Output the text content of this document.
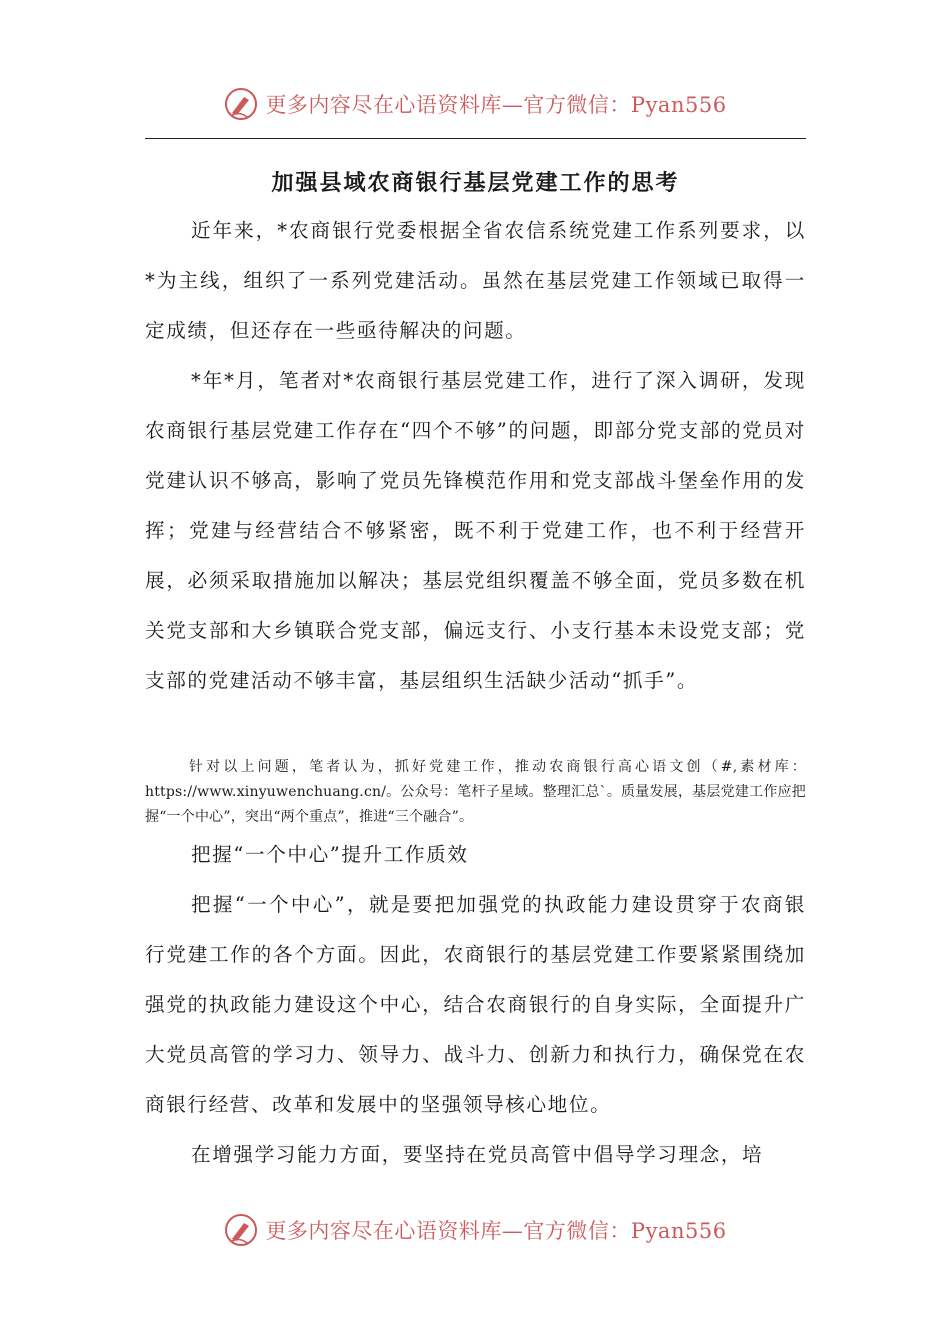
更多内容尽在心语资料库—官方微信：Pyan556
加强县域农商银行基层党建工作的思考

近年来，*农商银行党委根据全省农信系统党建工作系列要求，以*为主线，组织了一系列党建活动。虽然在基层党建工作领域已取得一定成绩，但还存在一些亟待解决的问题。

*年*月，笔者对*农商银行基层党建工作，进行了深入调研，发现农商银行基层党建工作存在“四个不够”的问题，即部分党支部的党员对党建认识不够高，影响了党员先锋模范作用和党支部战斗堡垒作用的发挥；党建与经营结合不够紧密，既不利于党建工作，也不利于经营开展，必须采取措施加以解决；基层党组织覆盖不够全面，党员多数在机关党支部和大乡镇联合党支部，偏远支行、小支行基本未设党支部；党支部的党建活动不够丰富，基层组织生活缺少活动“抓手”。

针对以上问题，笔者认为，抓好党建工作，推动农商银行高心语文创（#,素材库：https://www.xinyuwenchuang.cn/。公众号：笔杆子星域。整理汇总`。质量发展，基层党建工作应把握“一个中心”，突出“两个重点”，推进“三个融合”。

把握“一个中心”提升工作质效

把握“一个中心”，就是要把加强党的执政能力建设贯穿于农商银行党建工作的各个方面。因此，农商银行的基层党建工作要紧紧围绕加强党的执政能力建设这个中心，结合农商银行的自身实际，全面提升广大党员高管的学习力、领导力、战斗力、创新力和执行力，确保党在农商银行经营、改革和发展中的坚强领导核心地位。

在增强学习能力方面，要坚持在党员高管中倡导学习理念，培

更多内容尽在心语资料库—官方微信：Pyan556
